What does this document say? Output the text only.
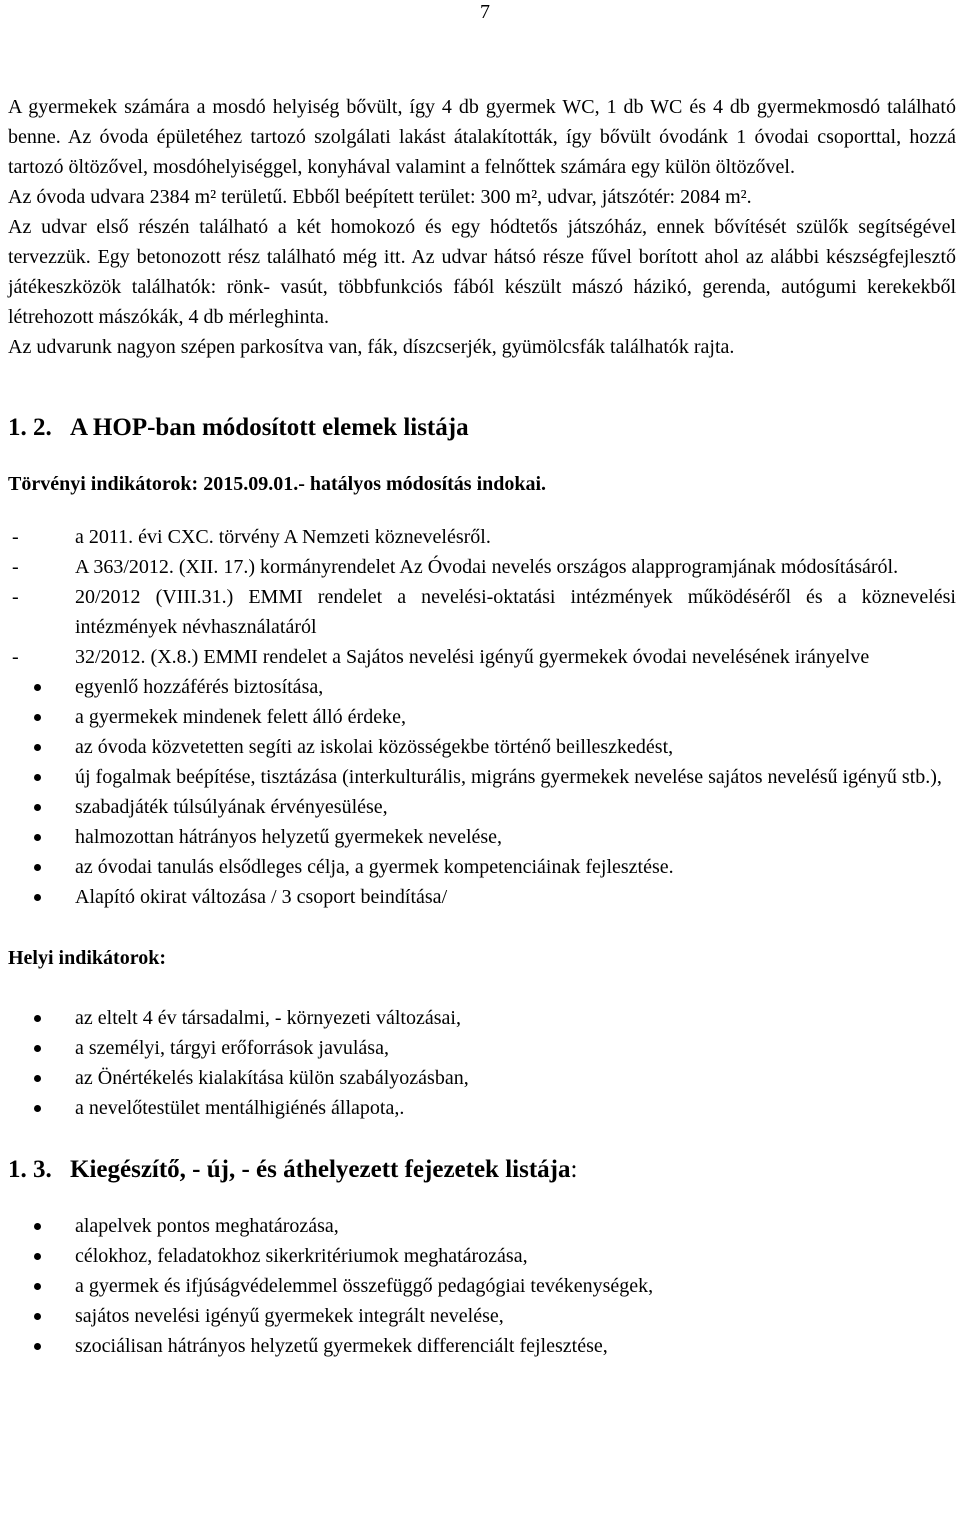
7

A gyermekek számára a mosdó helyiség bővült, így 4 db gyermek WC, 1 db WC és 4 db gyermekmosdó található benne. Az óvoda épületéhez tartozó szolgálati lakást átalakították, így bővült óvodánk 1 óvodai csoporttal, hozzá tartozó öltözővel, mosdóhelyiséggel, konyhával valamint a felnőttek számára egy külön öltözővel.

Az óvoda udvara 2384 m² területű. Ebből beépített terület: 300 m², udvar, játszótér: 2084 m².

Az udvar első részén található a két homokozó és egy hódtetős játszóház, ennek bővítését szülők segítségével tervezzük. Egy betonozott rész található még itt. Az udvar hátsó része fűvel borított ahol az alábbi készségfejlesztő játékeszközök találhatók: rönk- vasút, többfunkciós fából készült mászó házikó, gerenda, autógumi kerekekből létrehozott mászókák, 4 db mérleghinta.

Az udvarunk nagyon szépen parkosítva van, fák, díszcserjék, gyümölcsfák találhatók rajta.

1. 2. A HOP-ban módosított elemek listája

Törvényi indikátorok: 2015.09.01.- hatályos módosítás indokai.

-	a 2011. évi CXC. törvény A Nemzeti köznevelésről.
-	A 363/2012. (XII. 17.) kormányrendelet Az Óvodai nevelés országos alapprogramjának módosításáról.
-	20/2012 (VIII.31.) EMMI rendelet a nevelési-oktatási intézmények működéséről és a köznevelési intézmények névhasználatáról
-	32/2012. (X.8.) EMMI rendelet a Sajátos nevelési igényű gyermekek óvodai nevelésének irányelve
egyenlő hozzáférés biztosítása,
a gyermekek mindenek felett álló érdeke,
az óvoda közvetetten segíti az iskolai közösségekbe történő beilleszkedést,
új fogalmak beépítése, tisztázása (interkulturális, migráns gyermekek nevelése sajátos nevelésű igényű stb.),
szabadjáték túlsúlyának érvényesülése,
halmozottan hátrányos helyzetű gyermekek nevelése,
az óvodai tanulás elsődleges célja, a gyermek kompetenciáinak fejlesztése.
Alapító okirat változása / 3 csoport beindítása/

Helyi indikátorok:

az eltelt 4 év társadalmi, - környezeti változásai,
a személyi, tárgyi erőforrások javulása,
az Önértékelés kialakítása külön szabályozásban,
a nevelőtestület mentálhigiénés állapota,.
1. 3. Kiegészítő, - új, - és áthelyezett fejezetek listája:
alapelvek pontos meghatározása,
célokhoz, feladatokhoz sikerkritériumok meghatározása,
a gyermek és ifjúságvédelemmel összefüggő pedagógiai tevékenységek,
sajátos nevelési igényű gyermekek integrált nevelése,
szociálisan hátrányos helyzetű gyermekek differenciált fejlesztése,
